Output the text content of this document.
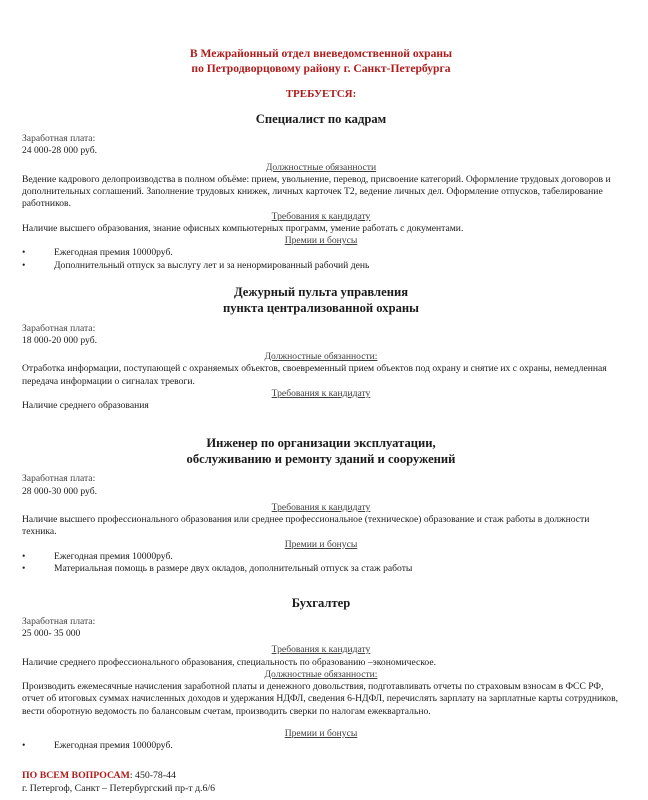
В Межрайонный отдел вневедомственной охраны
по Петродворцовому району г. Санкт-Петербурга
ТРЕБУЕТСЯ:
Специалист по кадрам
Заработная плата:
24 000-28 000 руб.
Должностные обязанности
Ведение кадрового делопроизводства в полном объёме: прием, увольнение, перевод, присвоение категорий. Оформление трудовых договоров и дополнительных соглашений. Заполнение трудовых книжек, личных карточек Т2, ведение личных дел. Оформление отпусков, табелирование работников.
Требования к кандидату
Наличие высшего образования, знание офисных компьютерных программ, умение работать с документами.
Премии и бонусы
• Ежегодная премия 10000руб.
• Дополнительный отпуск за выслугу лет и за ненормированный рабочий день
Дежурный пульта управления
пункта централизованной охраны
Заработная плата:
18 000-20 000 руб.
Должностные обязанности:
Отработка информации, поступающей с охраняемых объектов, своевременный прием объектов под охрану и снятие их с охраны, немедленная передача информации о сигналах тревоги.
Требования к кандидату
Наличие среднего образования
Инженер по организации эксплуатации,
обслуживанию и ремонту зданий и сооружений
Заработная плата:
28 000-30 000 руб.
Требования к кандидату
Наличие высшего профессионального образования или среднее профессиональное (техническое) образование и стаж работы в должности техника.
Премии и бонусы
• Ежегодная премия 10000руб.
• Материальная помощь в размере двух окладов, дополнительный отпуск за стаж работы
Бухгалтер
Заработная плата:
25 000- 35 000
Требования к кандидату
Наличие среднего профессионального образования, специальность по образованию –экономическое.
Должностные обязанности:
Производить ежемесячные начисления заработной платы и денежного довольствия, подготавливать отчеты по страховым взносам в ФСС РФ, отчет об итоговых суммах начисленных доходов и удержания НДФЛ, сведения 6-НДФЛ, перечислять зарплату на зарплатные карты сотрудников, вести оборотную ведомость по балансовым счетам, производить сверки по налогам ежеквартально.
Премии и бонусы
• Ежегодная премия 10000руб.
ПО ВСЕМ ВОПРОСАМ: 450-78-44
г. Петергоф, Санкт – Петербургский пр-т д.6/6
